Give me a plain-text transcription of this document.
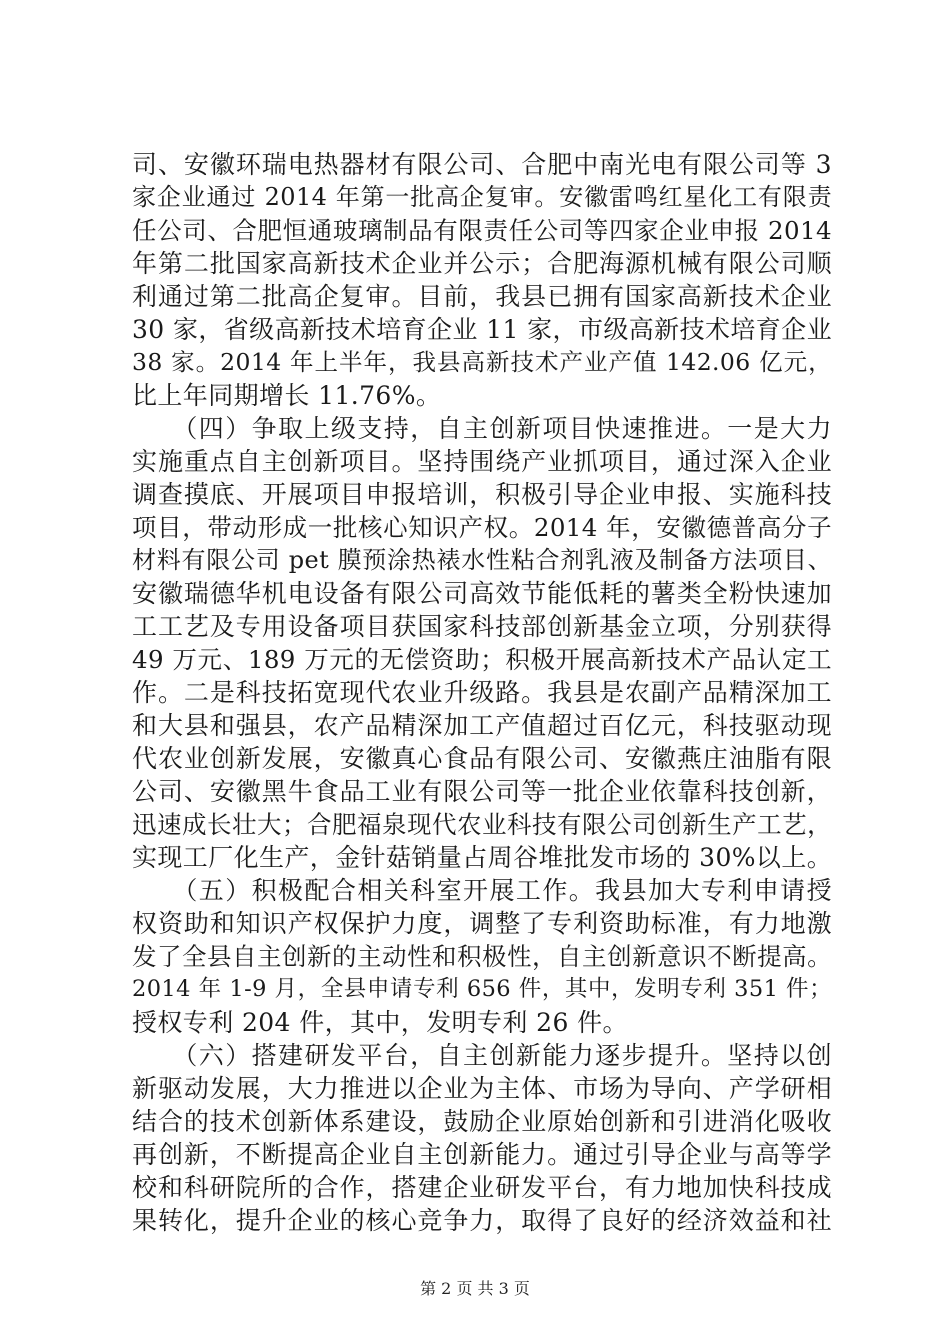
司、安徽环瑞电热器材有限公司、合肥中南光电有限公司等 3
家企业通过 2014 年第一批高企复审。安徽雷鸣红星化工有限责
任公司、合肥恒通玻璃制品有限责任公司等四家企业申报 2014
年第二批国家高新技术企业并公示；合肥海源机械有限公司顺
利通过第二批高企复审。目前，我县已拥有国家高新技术企业
30 家，省级高新技术培育企业 11 家，市级高新技术培育企业
38 家。2014 年上半年，我县高新技术产业产值 142.06 亿元，
比上年同期增长 11.76%。
　　（四）争取上级支持，自主创新项目快速推进。一是大力
实施重点自主创新项目。坚持围绕产业抓项目，通过深入企业
调查摸底、开展项目申报培训，积极引导企业申报、实施科技
项目，带动形成一批核心知识产权。2014 年，安徽德普高分子
材料有限公司 pet 膜预涂热裱水性粘合剂乳液及制备方法项目、
安徽瑞德华机电设备有限公司高效节能低耗的薯类全粉快速加
工工艺及专用设备项目获国家科技部创新基金立项，分别获得
49 万元、189 万元的无偿资助；积极开展高新技术产品认定工
作。二是科技拓宽现代农业升级路。我县是农副产品精深加工
和大县和强县，农产品精深加工产值超过百亿元，科技驱动现
代农业创新发展，安徽真心食品有限公司、安徽燕庄油脂有限
公司、安徽黑牛食品工业有限公司等一批企业依靠科技创新，
迅速成长壮大；合肥福泉现代农业科技有限公司创新生产工艺，
实现工厂化生产，金针菇销量占周谷堆批发市场的 30%以上。
　　（五）积极配合相关科室开展工作。我县加大专利申请授
权资助和知识产权保护力度，调整了专利资助标准，有力地激
发了全县自主创新的主动性和积极性，自主创新意识不断提高。
2014 年 1-9 月，全县申请专利 656 件，其中，发明专利 351 件；
授权专利 204 件，其中，发明专利 26 件。
　　（六）搭建研发平台，自主创新能力逐步提升。坚持以创
新驱动发展，大力推进以企业为主体、市场为导向、产学研相
结合的技术创新体系建设，鼓励企业原始创新和引进消化吸收
再创新，不断提高企业自主创新能力。通过引导企业与高等学
校和科研院所的合作，搭建企业研发平台，有力地加快科技成
果转化，提升企业的核心竞争力，取得了良好的经济效益和社
第 2 页 共 3 页
